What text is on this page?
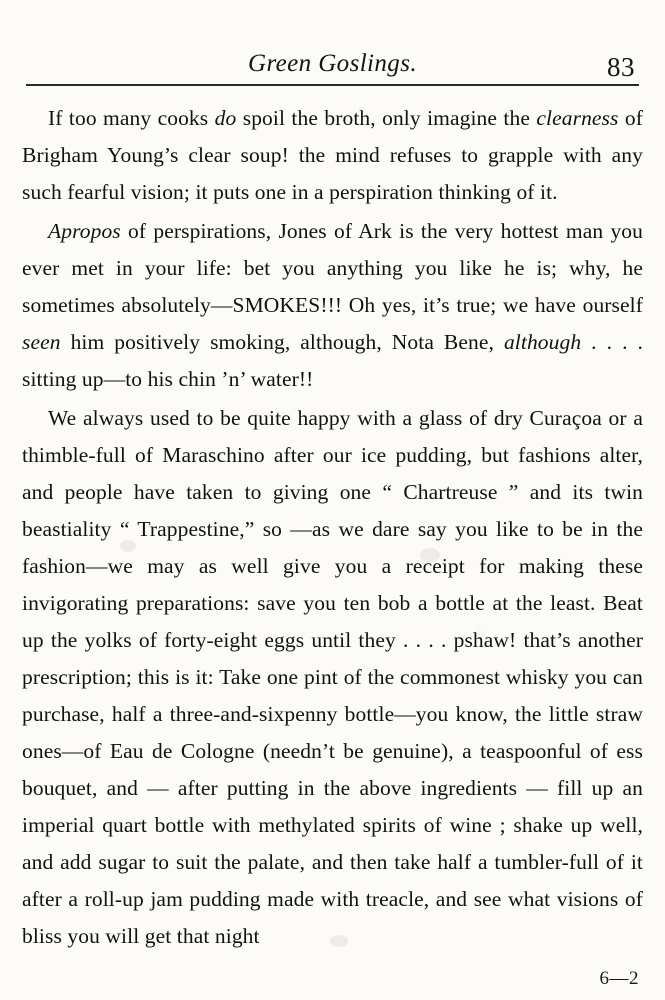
Green Goslings.	83

If too many cooks do spoil the broth, only imagine the clearness of Brigham Young’s clear soup! the mind refuses to grapple with any such fearful vision; it puts one in a perspiration thinking of it.

Apropos of perspirations, Jones of Ark is the very hottest man you ever met in your life: bet you anything you like he is; why, he sometimes absolutely—SMOKES!!! Oh yes, it’s true; we have ourself seen him positively smoking, although, Nota Bene, although . . . . sitting up—to his chin ’n’ water!!

We always used to be quite happy with a glass of dry Curaçoa or a thimble-full of Maraschino after our ice pudding, but fashions alter, and people have taken to giving one “ Chartreuse ” and its twin beastiality “ Trappestine,” so —as we dare say you like to be in the fashion—we may as well give you a receipt for making these invigorating preparations: save you ten bob a bottle at the least. Beat up the yolks of forty-eight eggs until they . . . . pshaw! that’s another prescription; this is it: Take one pint of the commonest whisky you can purchase, half a three-and-sixpenny bottle—you know, the little straw ones—of Eau de Cologne (needn’t be genuine), a teaspoonful of ess bouquet, and — after putting in the above ingredients — fill up an imperial quart bottle with methylated spirits of wine ; shake up well, and add sugar to suit the palate, and then take half a tumbler-full of it after a roll-up jam pudding made with treacle, and see what visions of bliss you will get that night

6—2
